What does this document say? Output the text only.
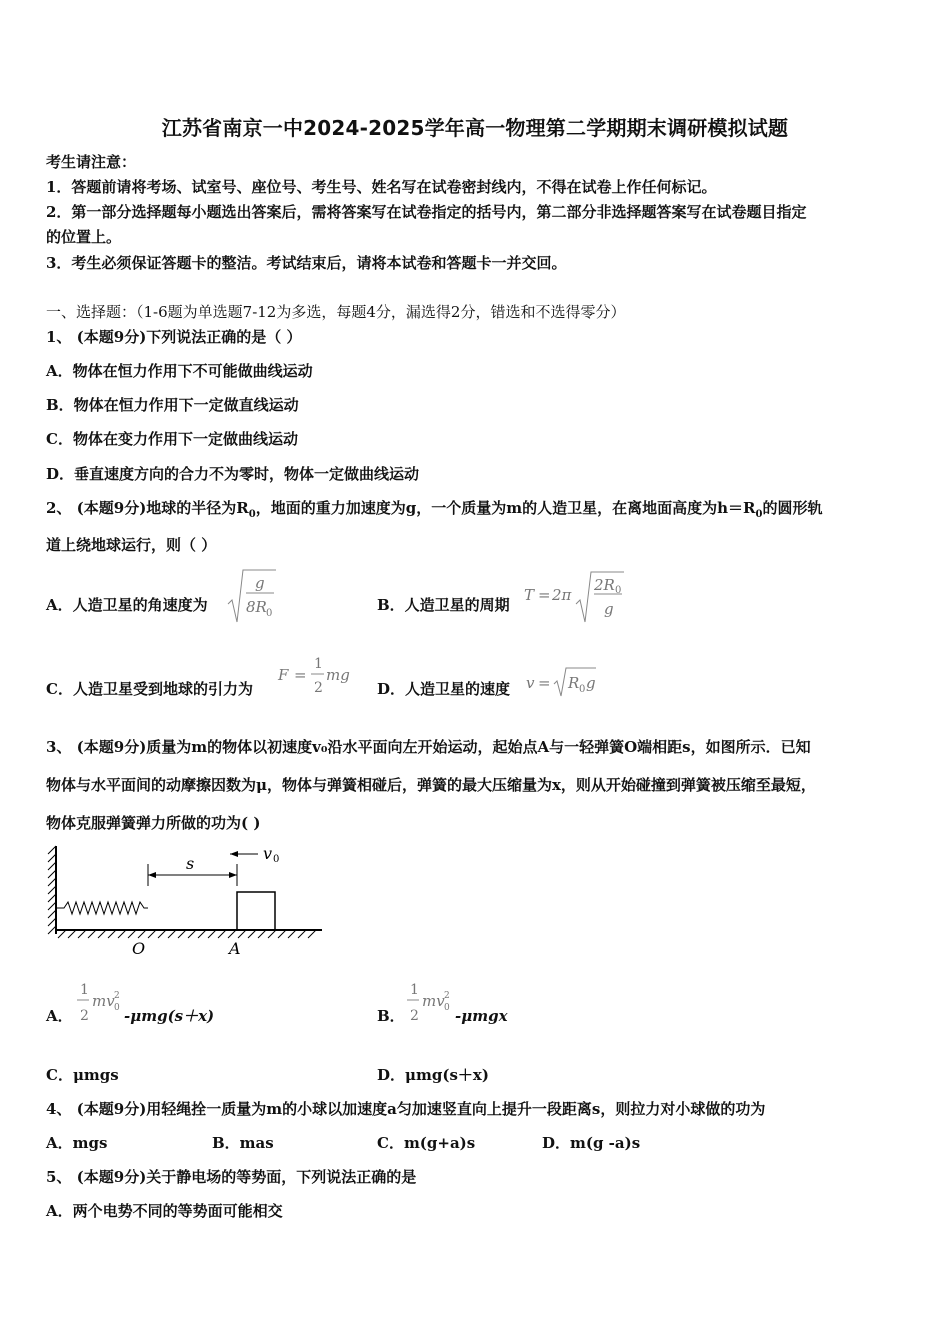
江苏省南京一中2024-2025学年高一物理第二学期期末调研模拟试题
考生请注意：
1．答题前请将考场、试室号、座位号、考生号、姓名写在试卷密封线内，不得在试卷上作任何标记。
2．第一部分选择题每小题选出答案后，需将答案写在试卷指定的括号内，第二部分非选择题答案写在试卷题目指定
的位置上。
3．考生必须保证答题卡的整洁。考试结束后，请将本试卷和答题卡一并交回。
一、选择题：（1-6题为单选题7-12为多选，每题4分，漏选得2分，错选和不选得零分）
1、 (本题9分)下列说法正确的是（ ）
A．物体在恒力作用下不可能做曲线运动
B．物体在恒力作用下一定做直线运动
C．物体在变力作用下一定做曲线运动
D．垂直速度方向的合力不为零时，物体一定做曲线运动
2、 (本题9分)地球的半径为$R_0$，地面的重力加速度为g，一个质量为m的人造卫星，在离地面高度为$h=R_0$的圆形轨
道上绕地球运行，则（ ）
A．人造卫星的角速度为
g
8R 0	B．人造卫星的周期
T = 2π
2R 0
g
C．人造卫星受到地球的引力为
F =
1
2
mg
D．人造卫星的速度 v = R 0 g
3、 (本题9分)质量为m的物体以初速度v₀沿水平面向左开始运动，起始点A与一轻弹簧O端相距s，如图所示．已知
物体与水平面间的动摩擦因数为μ，物体与弹簧相碰后，弹簧的最大压缩量为x，则从开始碰撞到弹簧被压缩至最短，
物体克服弹簧弹力所做的功为( )
s
v 0
O	A
A．
1
2
mv 0
2
-μmg(s＋x)	B．
1
2
mv 0
2
-μmgx
C．μmgs	D．μmg(s＋x)
4、 (本题9分)用轻绳拴一质量为m的小球以加速度a匀加速竖直向上提升一段距离s，则拉力对小球做的功为
A．mgs	B．mas	C．m(g+a)s	D．m(g -a)s
5、 (本题9分)关于静电场的等势面，下列说法正确的是
A．两个电势不同的等势面可能相交
